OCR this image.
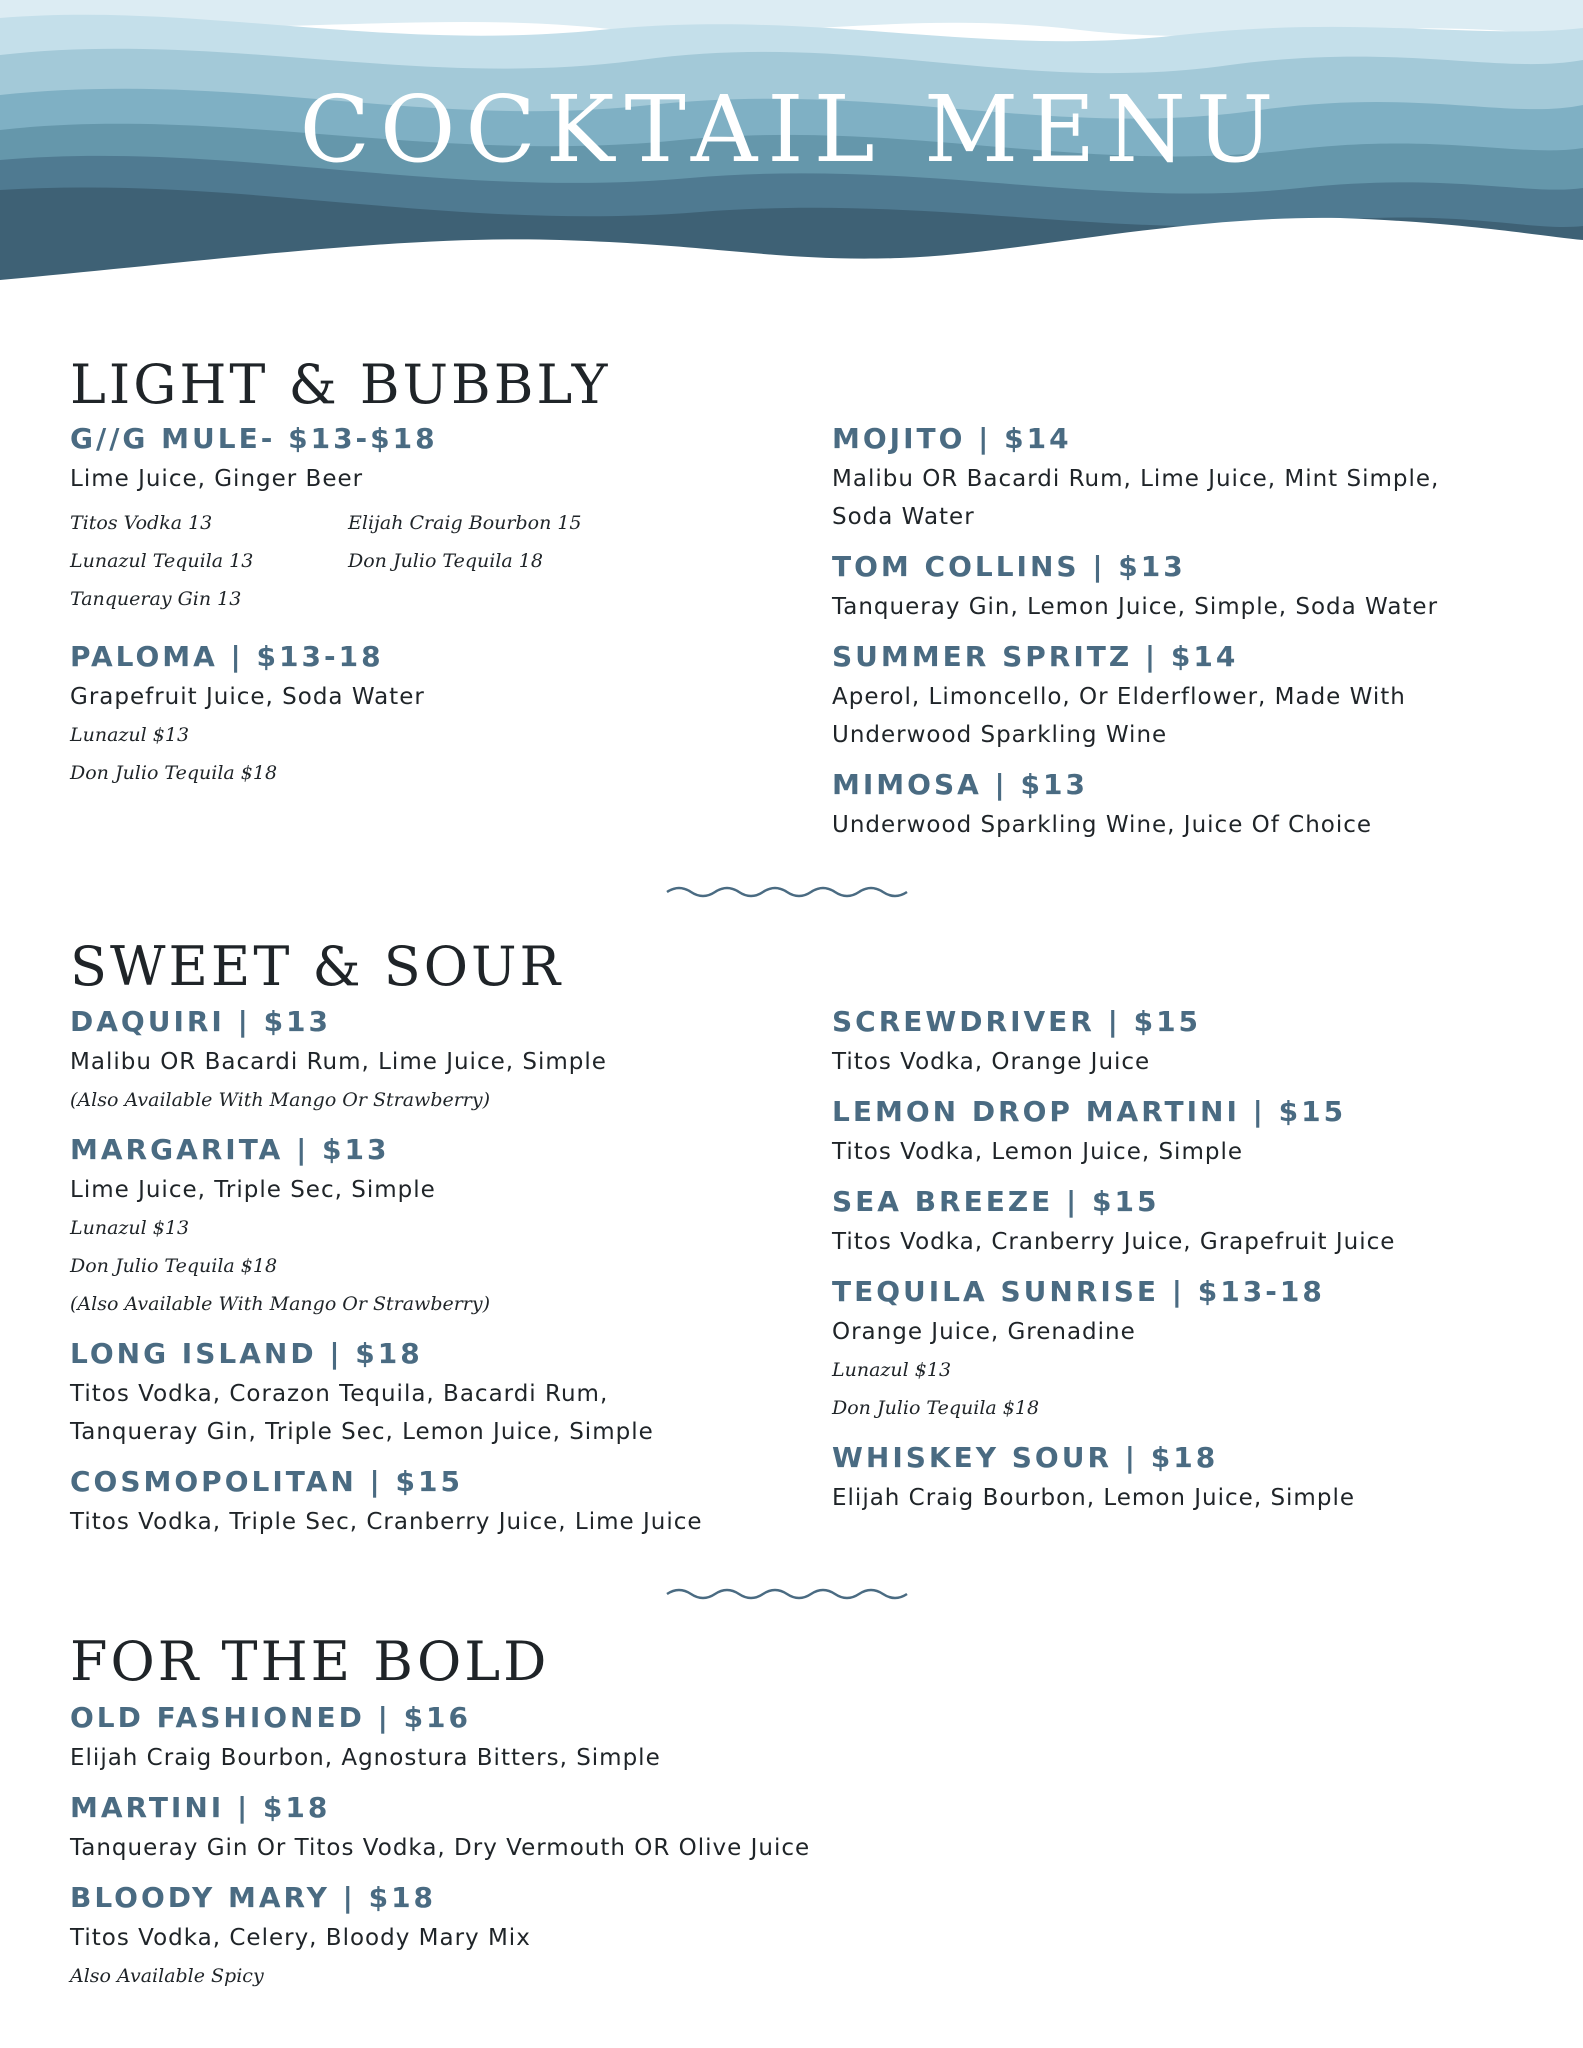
COCKTAIL MENU
LIGHT & BUBBLY

G//G MULE- $13-$18

Lime Juice, Ginger Beer

Titos Vodka 13	Elijah Craig Bourbon 15

Lunazul Tequila 13	Don Julio Tequila 18

Tanqueray Gin 13

PALOMA | $13-18

Grapefruit Juice, Soda Water

Lunazul $13

Don Julio Tequila $18

MOJITO | $14

Malibu OR Bacardi Rum, Lime Juice, Mint Simple,

Soda Water

TOM COLLINS | $13

Tanqueray Gin, Lemon Juice, Simple, Soda Water

SUMMER SPRITZ | $14

Aperol, Limoncello, Or Elderflower, Made With

Underwood Sparkling Wine

MIMOSA | $13

Underwood Sparkling Wine, Juice Of Choice

SWEET & SOUR

DAQUIRI | $13

Malibu OR Bacardi Rum, Lime Juice, Simple

(Also Available With Mango Or Strawberry)

MARGARITA | $13

Lime Juice, Triple Sec, Simple

Lunazul $13

Don Julio Tequila $18

(Also Available With Mango Or Strawberry)

LONG ISLAND | $18

Titos Vodka, Corazon Tequila, Bacardi Rum,

Tanqueray Gin, Triple Sec, Lemon Juice, Simple

COSMOPOLITAN | $15

Titos Vodka, Triple Sec, Cranberry Juice, Lime Juice

SCREWDRIVER | $15

Titos Vodka, Orange Juice

LEMON DROP MARTINI | $15

Titos Vodka, Lemon Juice, Simple

SEA BREEZE | $15

Titos Vodka, Cranberry Juice, Grapefruit Juice

TEQUILA SUNRISE | $13-18

Orange Juice, Grenadine

Lunazul $13

Don Julio Tequila $18

WHISKEY SOUR | $18

Elijah Craig Bourbon, Lemon Juice, Simple

FOR THE BOLD

OLD FASHIONED | $16

Elijah Craig Bourbon, Agnostura Bitters, Simple

MARTINI | $18

Tanqueray Gin Or Titos Vodka, Dry Vermouth OR Olive Juice

BLOODY MARY | $18

Titos Vodka, Celery, Bloody Mary Mix

Also Available Spicy
